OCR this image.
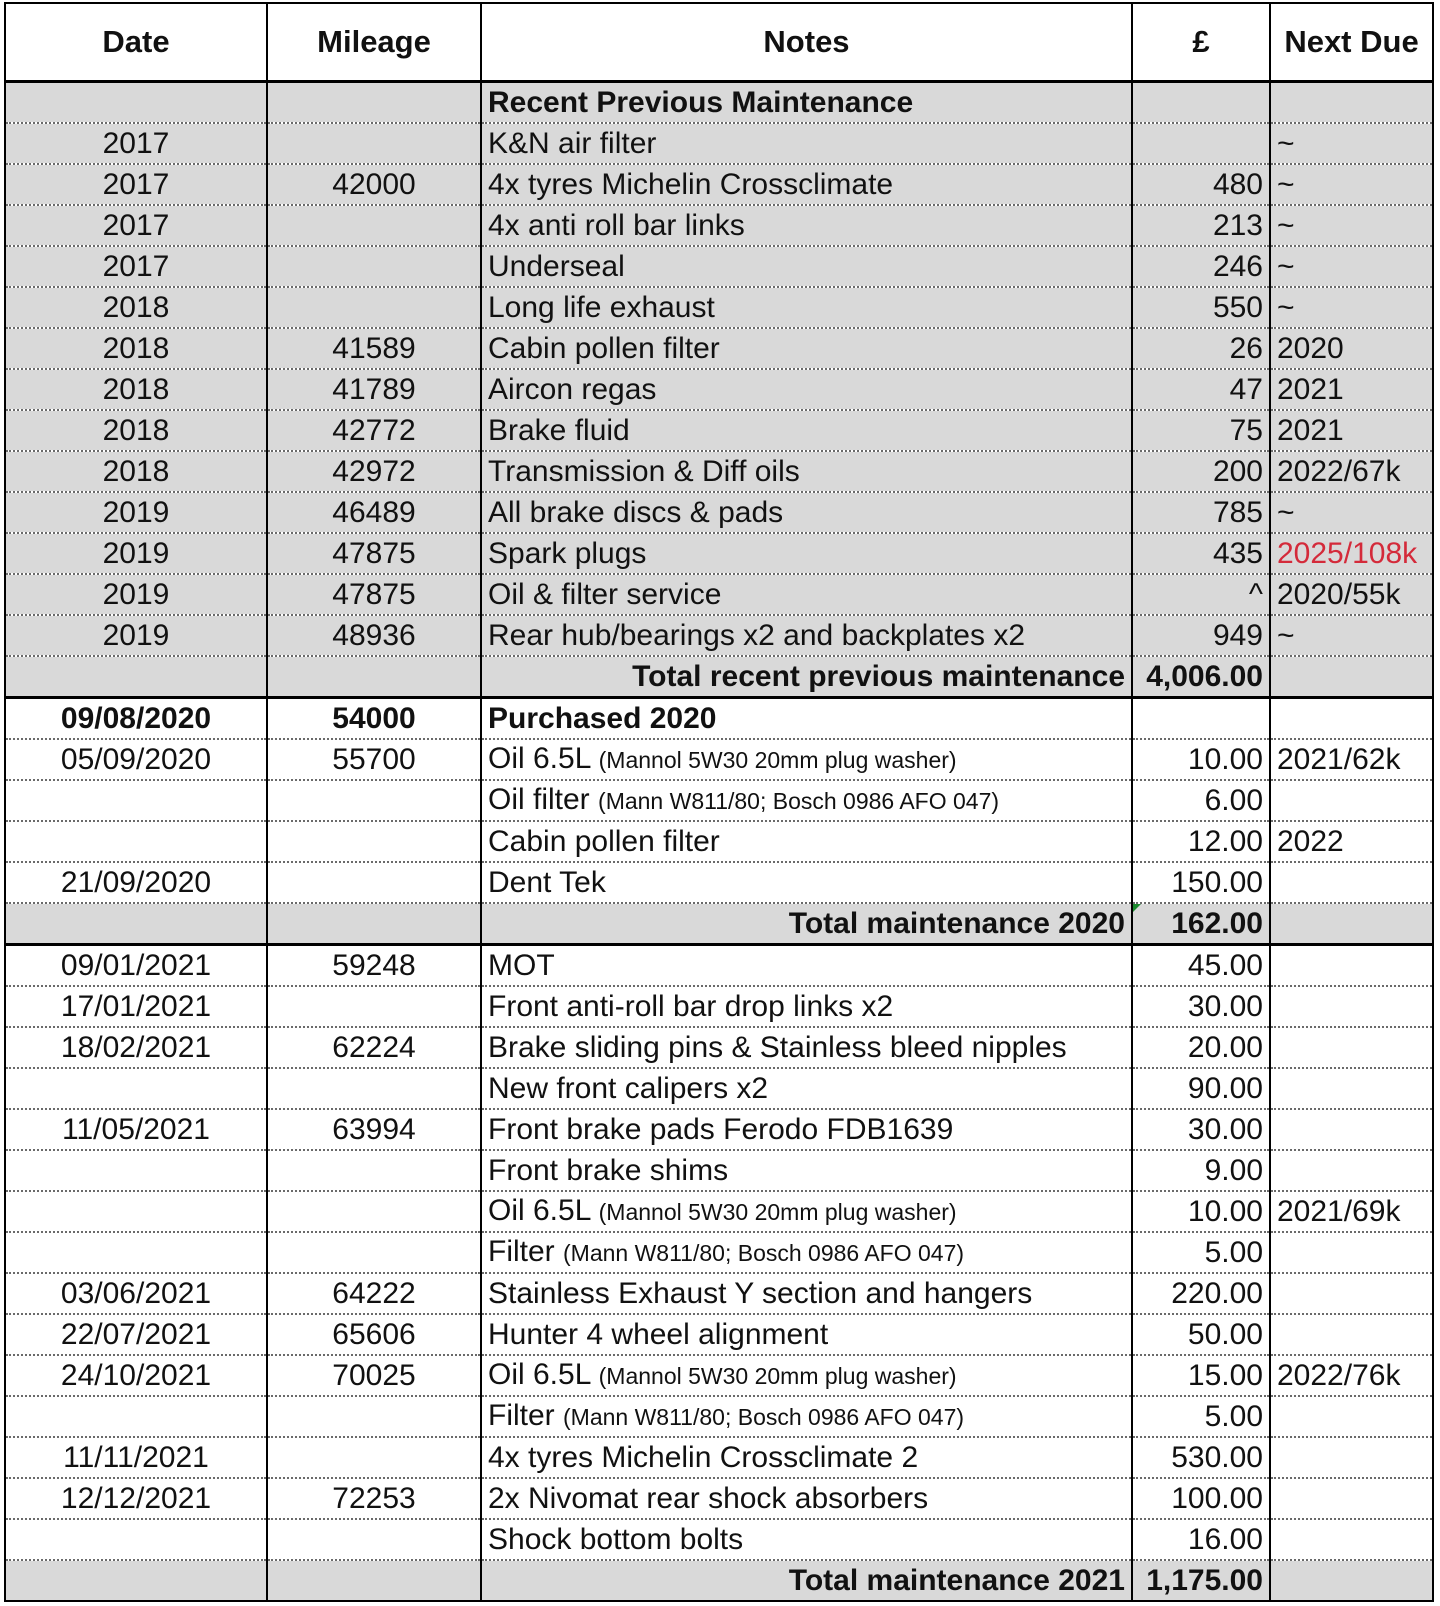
Date	Mileage	Notes	£	Next Due
		Recent Previous Maintenance		
2017		K&N air filter		~
2017	42000	4x tyres Michelin Crossclimate	480	~
2017		4x anti roll bar links	213	~
2017		Underseal	246	~
2018		Long life exhaust	550	~
2018	41589	Cabin pollen filter	26	2020
2018	41789	Aircon regas	47	2021
2018	42772	Brake fluid	75	2021
2018	42972	Transmission & Diff oils	200	2022/67k
2019	46489	All brake discs & pads	785	~
2019	47875	Spark plugs	435	2025/108k
2019	47875	Oil & filter service	^	2020/55k
2019	48936	Rear hub/bearings x2 and backplates x2	949	~
		Total recent previous maintenance	4,006.00	
09/08/2020	54000	Purchased 2020		
05/09/2020	55700	Oil 6.5L (Mannol 5W30 20mm plug washer)	10.00	2021/62k
		Oil filter (Mann W811/80; Bosch 0986 AFO 047)	6.00	
		Cabin pollen filter	12.00	2022
21/09/2020		Dent Tek	150.00	
		Total maintenance 2020	162.00	
09/01/2021	59248	MOT	45.00	
17/01/2021		Front anti-roll bar drop links x2	30.00	
18/02/2021	62224	Brake sliding pins & Stainless bleed nipples	20.00	
		New front calipers x2	90.00	
11/05/2021	63994	Front brake pads Ferodo FDB1639	30.00	
		Front brake shims	9.00	
		Oil 6.5L (Mannol 5W30 20mm plug washer)	10.00	2021/69k
		Filter (Mann W811/80; Bosch 0986 AFO 047)	5.00	
03/06/2021	64222	Stainless Exhaust Y section and hangers	220.00	
22/07/2021	65606	Hunter 4 wheel alignment	50.00	
24/10/2021	70025	Oil 6.5L (Mannol 5W30 20mm plug washer)	15.00	2022/76k
		Filter (Mann W811/80; Bosch 0986 AFO 047)	5.00	
11/11/2021		4x tyres Michelin Crossclimate 2	530.00	
12/12/2021	72253	2x Nivomat rear shock absorbers	100.00	
		Shock bottom bolts	16.00	
		Total maintenance 2021	1,175.00	
